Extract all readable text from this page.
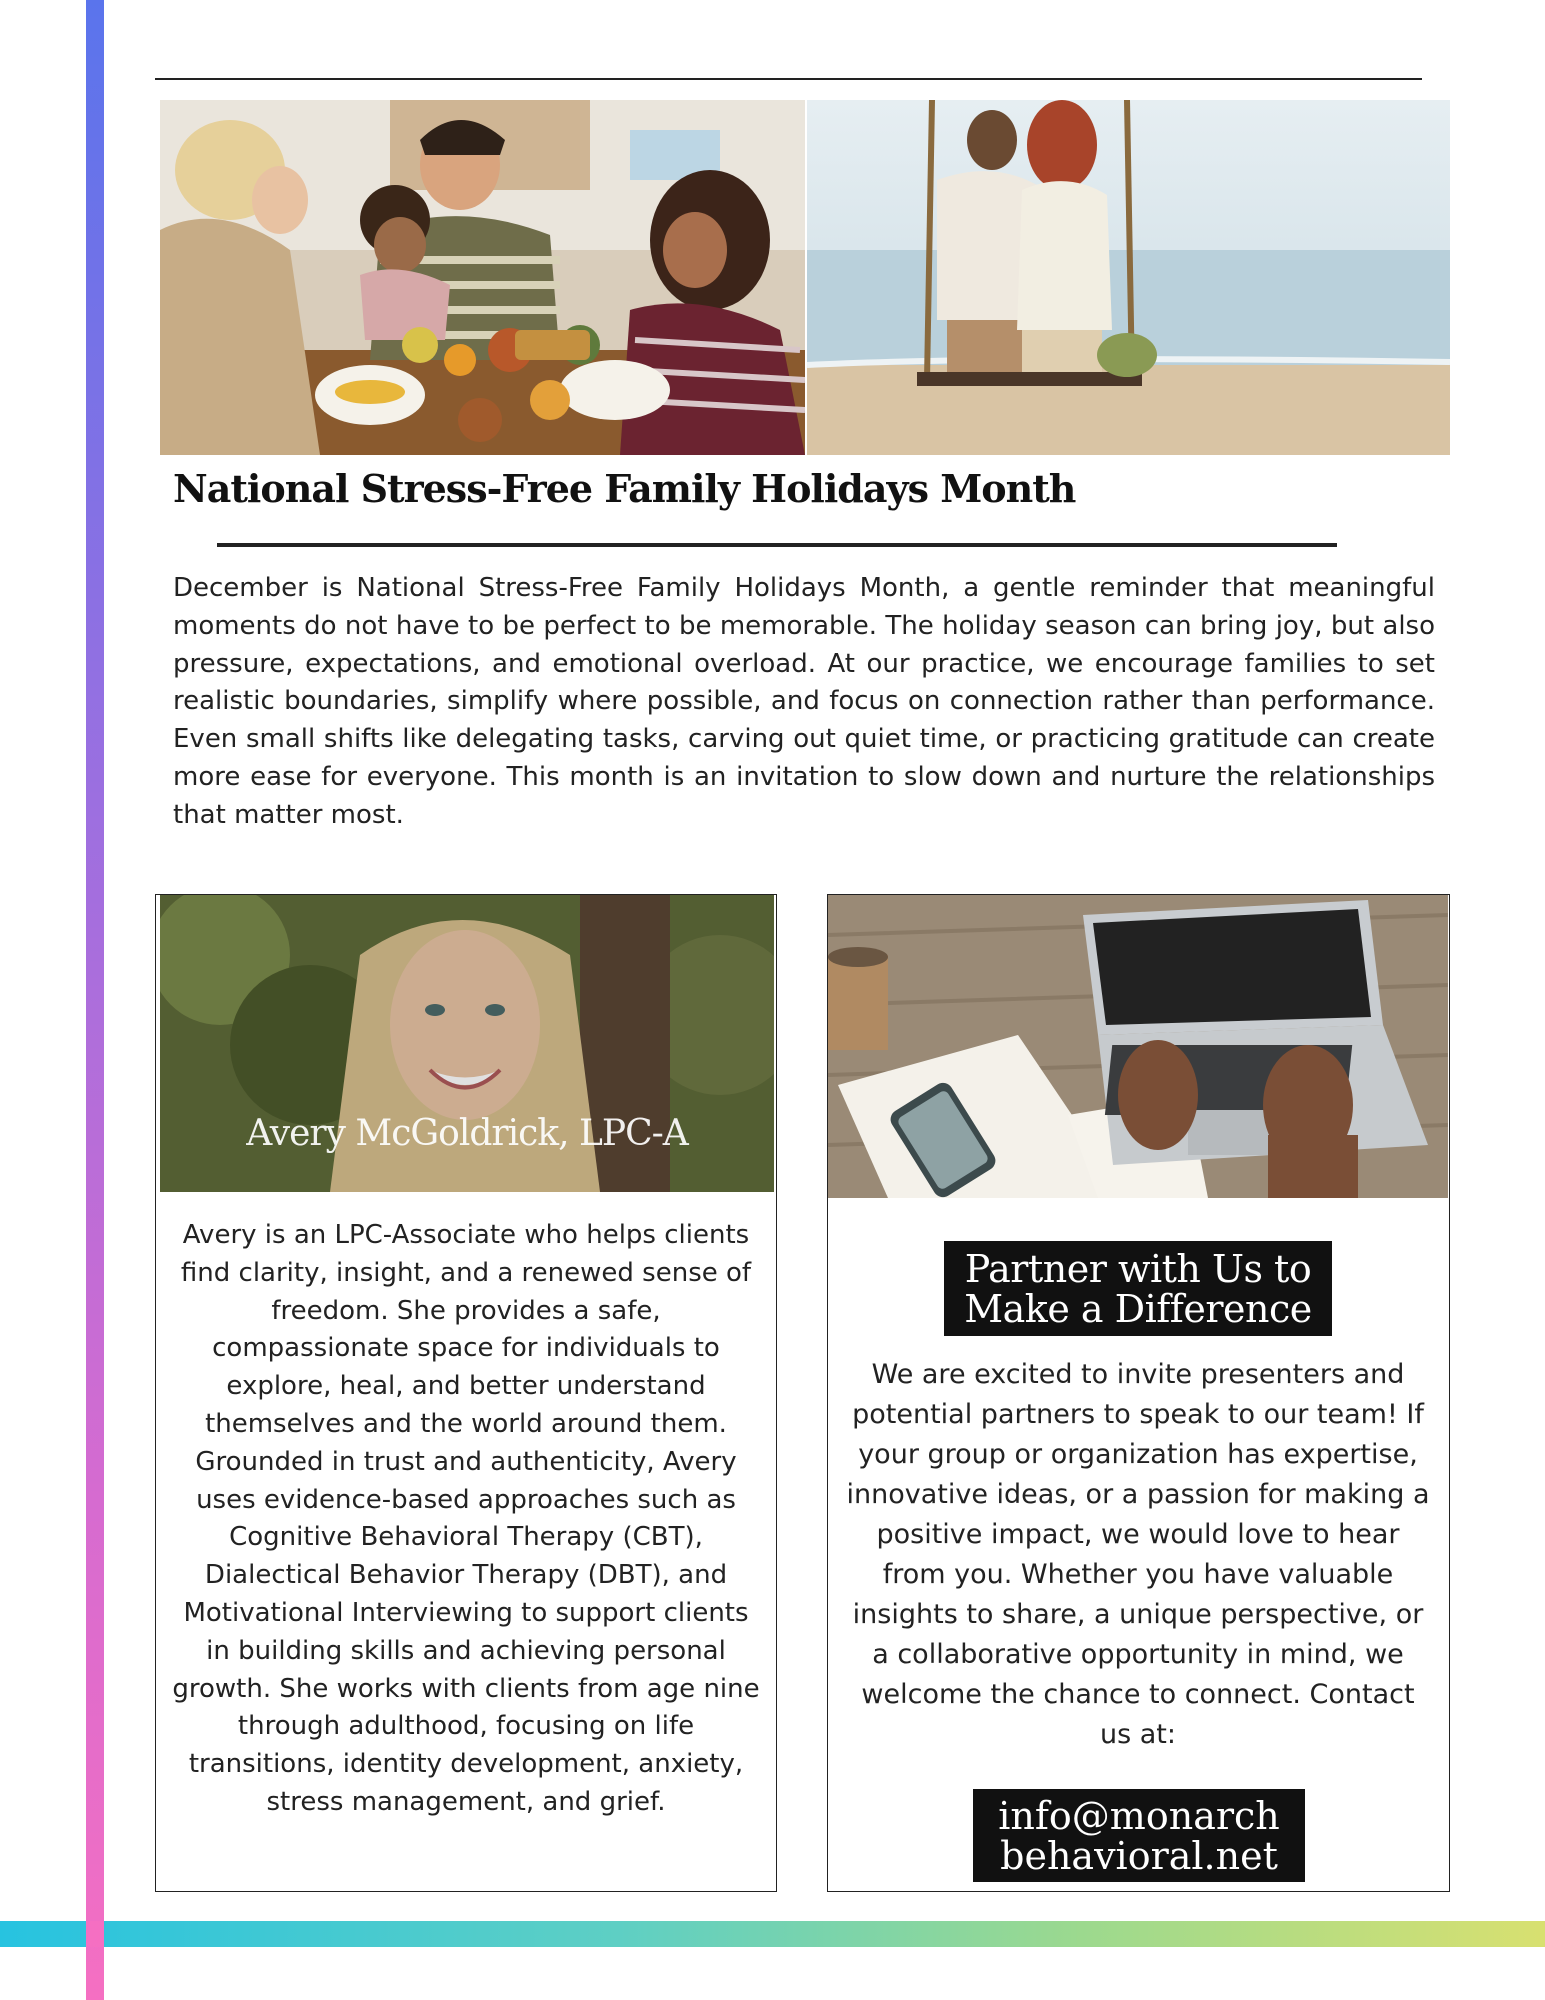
National Stress-Free Family Holidays Month

December is National Stress-Free Family Holidays Month, a gentle reminder that meaningful moments do not have to be perfect to be memorable. The holiday season can bring joy, but also pressure, expectations, and emotional overload. At our practice, we encourage families to set realistic boundaries, simplify where possible, and focus on connection rather than performance. Even small shifts like delegating tasks, carving out quiet time, or practicing gratitude can create more ease for everyone. This month is an invitation to slow down and nurture the relationships that matter most.

Avery McGoldrick, LPC-A

Avery is an LPC-Associate who helps clients find clarity, insight, and a renewed sense of freedom. She provides a safe, compassionate space for individuals to explore, heal, and better understand themselves and the world around them. Grounded in trust and authenticity, Avery uses evidence-based approaches such as Cognitive Behavioral Therapy (CBT), Dialectical Behavior Therapy (DBT), and Motivational Interviewing to support clients in building skills and achieving personal growth. She works with clients from age nine through adulthood, focusing on life transitions, identity development, anxiety, stress management, and grief.

Partner with Us to
Make a Difference

We are excited to invite presenters and potential partners to speak to our team! If your group or organization has expertise, innovative ideas, or a passion for making a positive impact, we would love to hear from you. Whether you have valuable insights to share, a unique perspective, or a collaborative opportunity in mind, we welcome the chance to connect. Contact us at:

info@monarch
behavioral.net
